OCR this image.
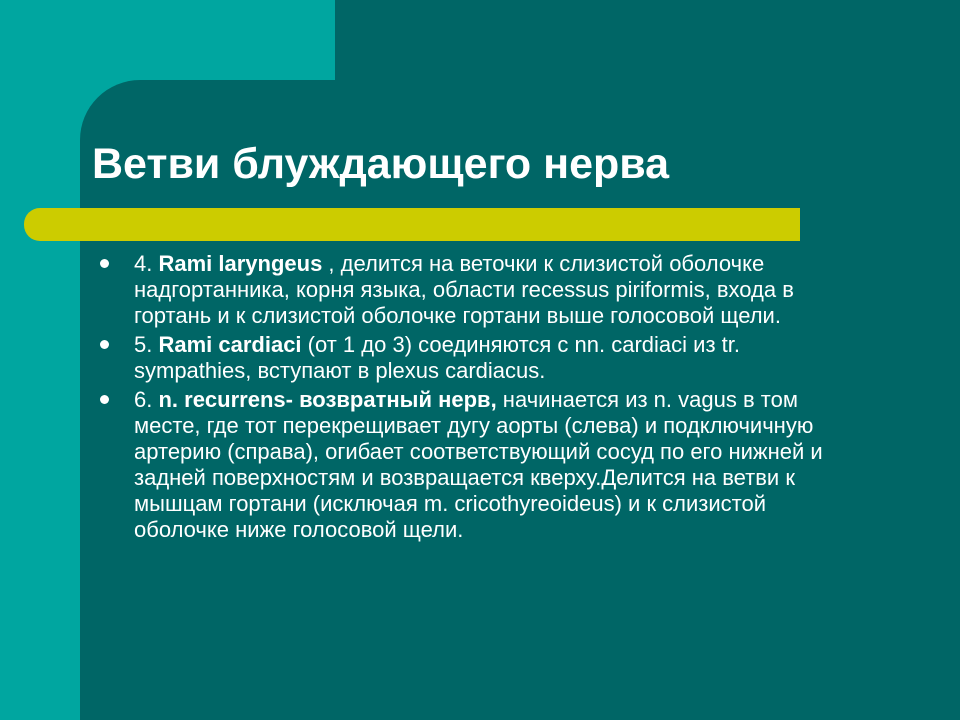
Ветви блуждающего нерва
4. Rami laryngeus , делится на веточки к слизистой оболочке надгортанника, корня языка, области recessus piriformis, входа в гортань и к слизистой оболочке гортани выше голосовой щели.
5. Rami cardiaci (от 1 до 3) соединяются с nn. cardiaci из tr. sympathies, вступают в plexus cardiacus.
6. n. recurrens- возвратный нерв, начинается из n. vagus в том месте, где тот перекрещивает дугу аорты (слева) и подключичную артерию (справа), огибает соответствующий сосуд по его нижней и задней поверхностям и возвращается кверху.Делится на ветви к мышцам гортани (исключая m. cricothyreoideus) и к слизистой оболочке ниже голосовой щели.
